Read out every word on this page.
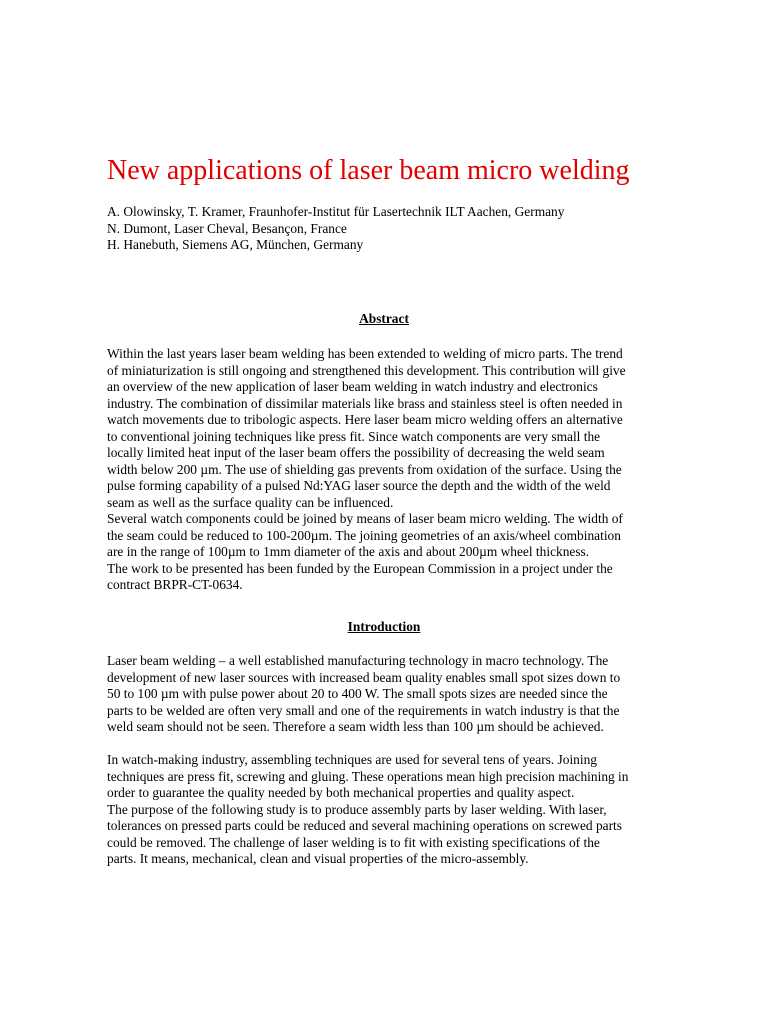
New applications of laser beam micro welding
A. Olowinsky, T. Kramer, Fraunhofer-Institut für Lasertechnik ILT Aachen, Germany
N. Dumont, Laser Cheval, Besançon, France
H. Hanebuth, Siemens AG, München, Germany
Abstract
Within the last years laser beam welding has been extended to welding of micro parts. The trend
of miniaturization is still ongoing and strengthened this development. This contribution will give
an overview of the new application of laser beam welding in watch industry and electronics
industry. The combination of dissimilar materials like brass and stainless steel is often needed in
watch movements due to tribologic aspects. Here laser beam micro welding offers an alternative
to conventional joining techniques like press fit. Since watch components are very small the
locally limited heat input of the laser beam offers the possibility of decreasing the weld seam
width below 200 µm. The use of shielding gas prevents from oxidation of the surface. Using the
pulse forming capability of a pulsed Nd:YAG laser source the depth and the width of the weld
seam as well as the surface quality can be influenced.
Several watch components could be joined by means of laser beam micro welding. The width of
the seam could be reduced to 100-200µm. The joining geometries of an axis/wheel combination
are in the range of 100µm to 1mm diameter of the axis and about 200µm wheel thickness.
The work to be presented has been funded by the European Commission in a project under the
contract BRPR-CT-0634.
Introduction
Laser beam welding – a well established manufacturing technology in macro technology. The
development of new laser sources with increased beam quality enables small spot sizes down to
50 to 100 µm with pulse power about 20 to 400 W. The small spots sizes are needed since the
parts to be welded are often very small and one of the requirements in watch industry is that the
weld seam should not be seen. Therefore a seam width less than 100 µm should be achieved.
In watch-making industry, assembling techniques are used for several tens of years. Joining
techniques are press fit, screwing and gluing. These operations mean high precision machining in
order to guarantee the quality needed by both mechanical properties and quality aspect.
The purpose of the following study is to produce assembly parts by laser welding. With laser,
tolerances on pressed parts could be reduced and several machining operations on screwed parts
could be removed. The challenge of laser welding is to fit with existing specifications of the
parts. It means, mechanical, clean and visual properties of the micro-assembly.
